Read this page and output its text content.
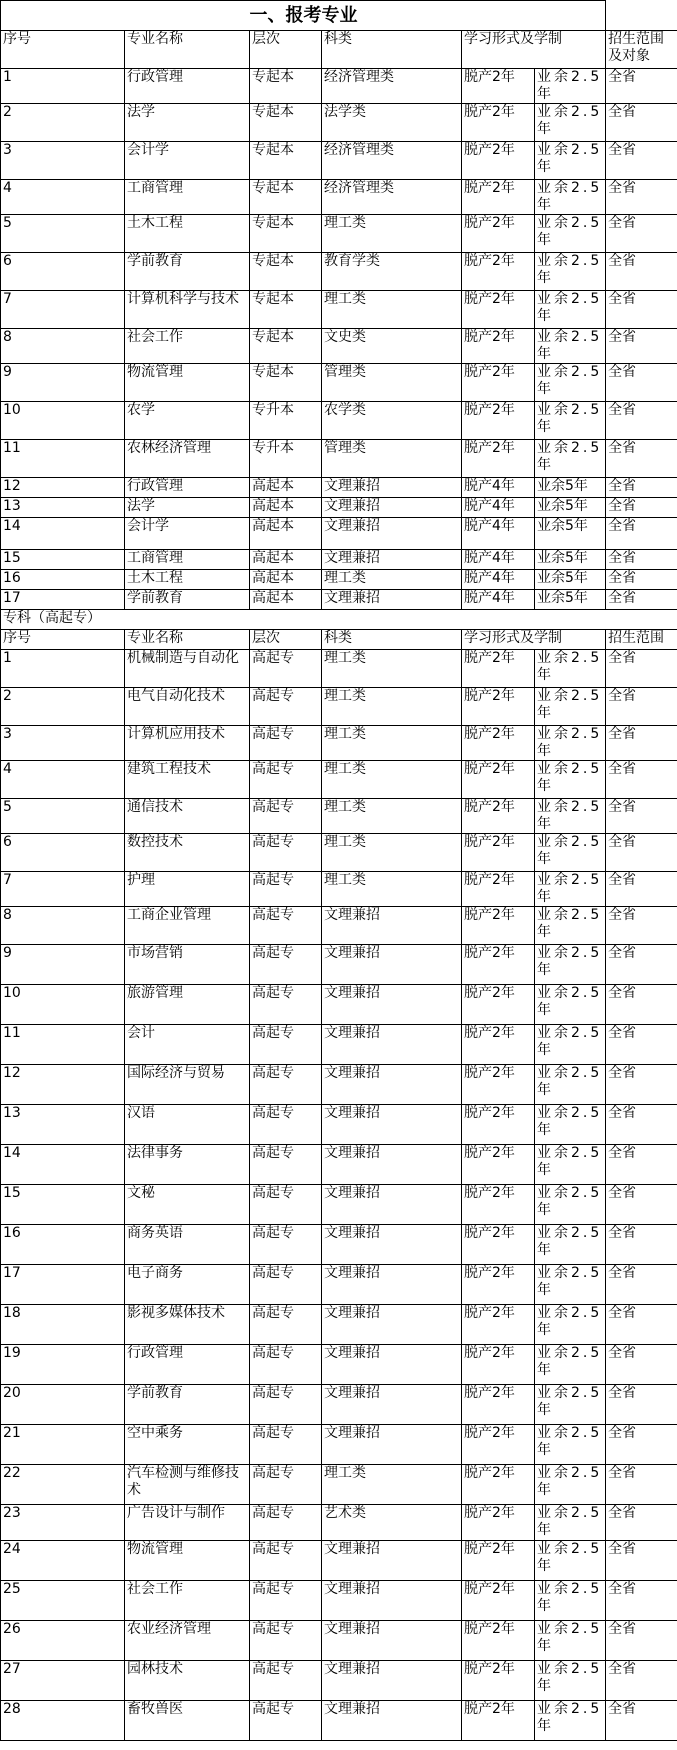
一、报考专业						
序号	专业名称	层次	科类	学习形式及学制		招生范围及对象
1	行政管理	专起本	经济管理类	脱产2年	业余2.5年	全省
2	法学	专起本	法学类	脱产2年	业余2.5年	全省
3	会计学	专起本	经济管理类	脱产2年	业余2.5年	全省
4	工商管理	专起本	经济管理类	脱产2年	业余2.5年	全省
5	土木工程	专起本	理工类	脱产2年	业余2.5年	全省
6	学前教育	专起本	教育学类	脱产2年	业余2.5年	全省
7	计算机科学与技术	专起本	理工类	脱产2年	业余2.5年	全省
8	社会工作	专起本	文史类	脱产2年	业余2.5年	全省
9	物流管理	专起本	管理类	脱产2年	业余2.5年	全省
10	农学	专升本	农学类	脱产2年	业余2.5年	全省
11	农林经济管理	专升本	管理类	脱产2年	业余2.5年	全省
12	行政管理	高起本	文理兼招	脱产4年	业余5年	全省
13	法学	高起本	文理兼招	脱产4年	业余5年	全省
14	会计学	高起本	文理兼招	脱产4年	业余5年	全省
15	工商管理	高起本	文理兼招	脱产4年	业余5年	全省
16	土木工程	高起本	理工类	脱产4年	业余5年	全省
17	学前教育	高起本	文理兼招	脱产4年	业余5年	全省
专科（高起专）						
序号	专业名称	层次	科类	学习形式及学制		招生范围
1	机械制造与自动化	高起专	理工类	脱产2年	业余2.5年	全省
2	电气自动化技术	高起专	理工类	脱产2年	业余2.5年	全省
3	计算机应用技术	高起专	理工类	脱产2年	业余2.5年	全省
4	建筑工程技术	高起专	理工类	脱产2年	业余2.5年	全省
5	通信技术	高起专	理工类	脱产2年	业余2.5年	全省
6	数控技术	高起专	理工类	脱产2年	业余2.5年	全省
7	护理	高起专	理工类	脱产2年	业余2.5年	全省
8	工商企业管理	高起专	文理兼招	脱产2年	业余2.5年	全省
9	市场营销	高起专	文理兼招	脱产2年	业余2.5年	全省
10	旅游管理	高起专	文理兼招	脱产2年	业余2.5年	全省
11	会计	高起专	文理兼招	脱产2年	业余2.5年	全省
12	国际经济与贸易	高起专	文理兼招	脱产2年	业余2.5年	全省
13	汉语	高起专	文理兼招	脱产2年	业余2.5年	全省
14	法律事务	高起专	文理兼招	脱产2年	业余2.5年	全省
15	文秘	高起专	文理兼招	脱产2年	业余2.5年	全省
16	商务英语	高起专	文理兼招	脱产2年	业余2.5年	全省
17	电子商务	高起专	文理兼招	脱产2年	业余2.5年	全省
18	影视多媒体技术	高起专	文理兼招	脱产2年	业余2.5年	全省
19	行政管理	高起专	文理兼招	脱产2年	业余2.5年	全省
20	学前教育	高起专	文理兼招	脱产2年	业余2.5年	全省
21	空中乘务	高起专	文理兼招	脱产2年	业余2.5年	全省
22	汽车检测与维修技术	高起专	理工类	脱产2年	业余2.5年	全省
23	广告设计与制作	高起专	艺术类	脱产2年	业余2.5年	全省
24	物流管理	高起专	文理兼招	脱产2年	业余2.5年	全省
25	社会工作	高起专	文理兼招	脱产2年	业余2.5年	全省
26	农业经济管理	高起专	文理兼招	脱产2年	业余2.5年	全省
27	园林技术	高起专	文理兼招	脱产2年	业余2.5年	全省
28	畜牧兽医	高起专	文理兼招	脱产2年	业余2.5年	全省
